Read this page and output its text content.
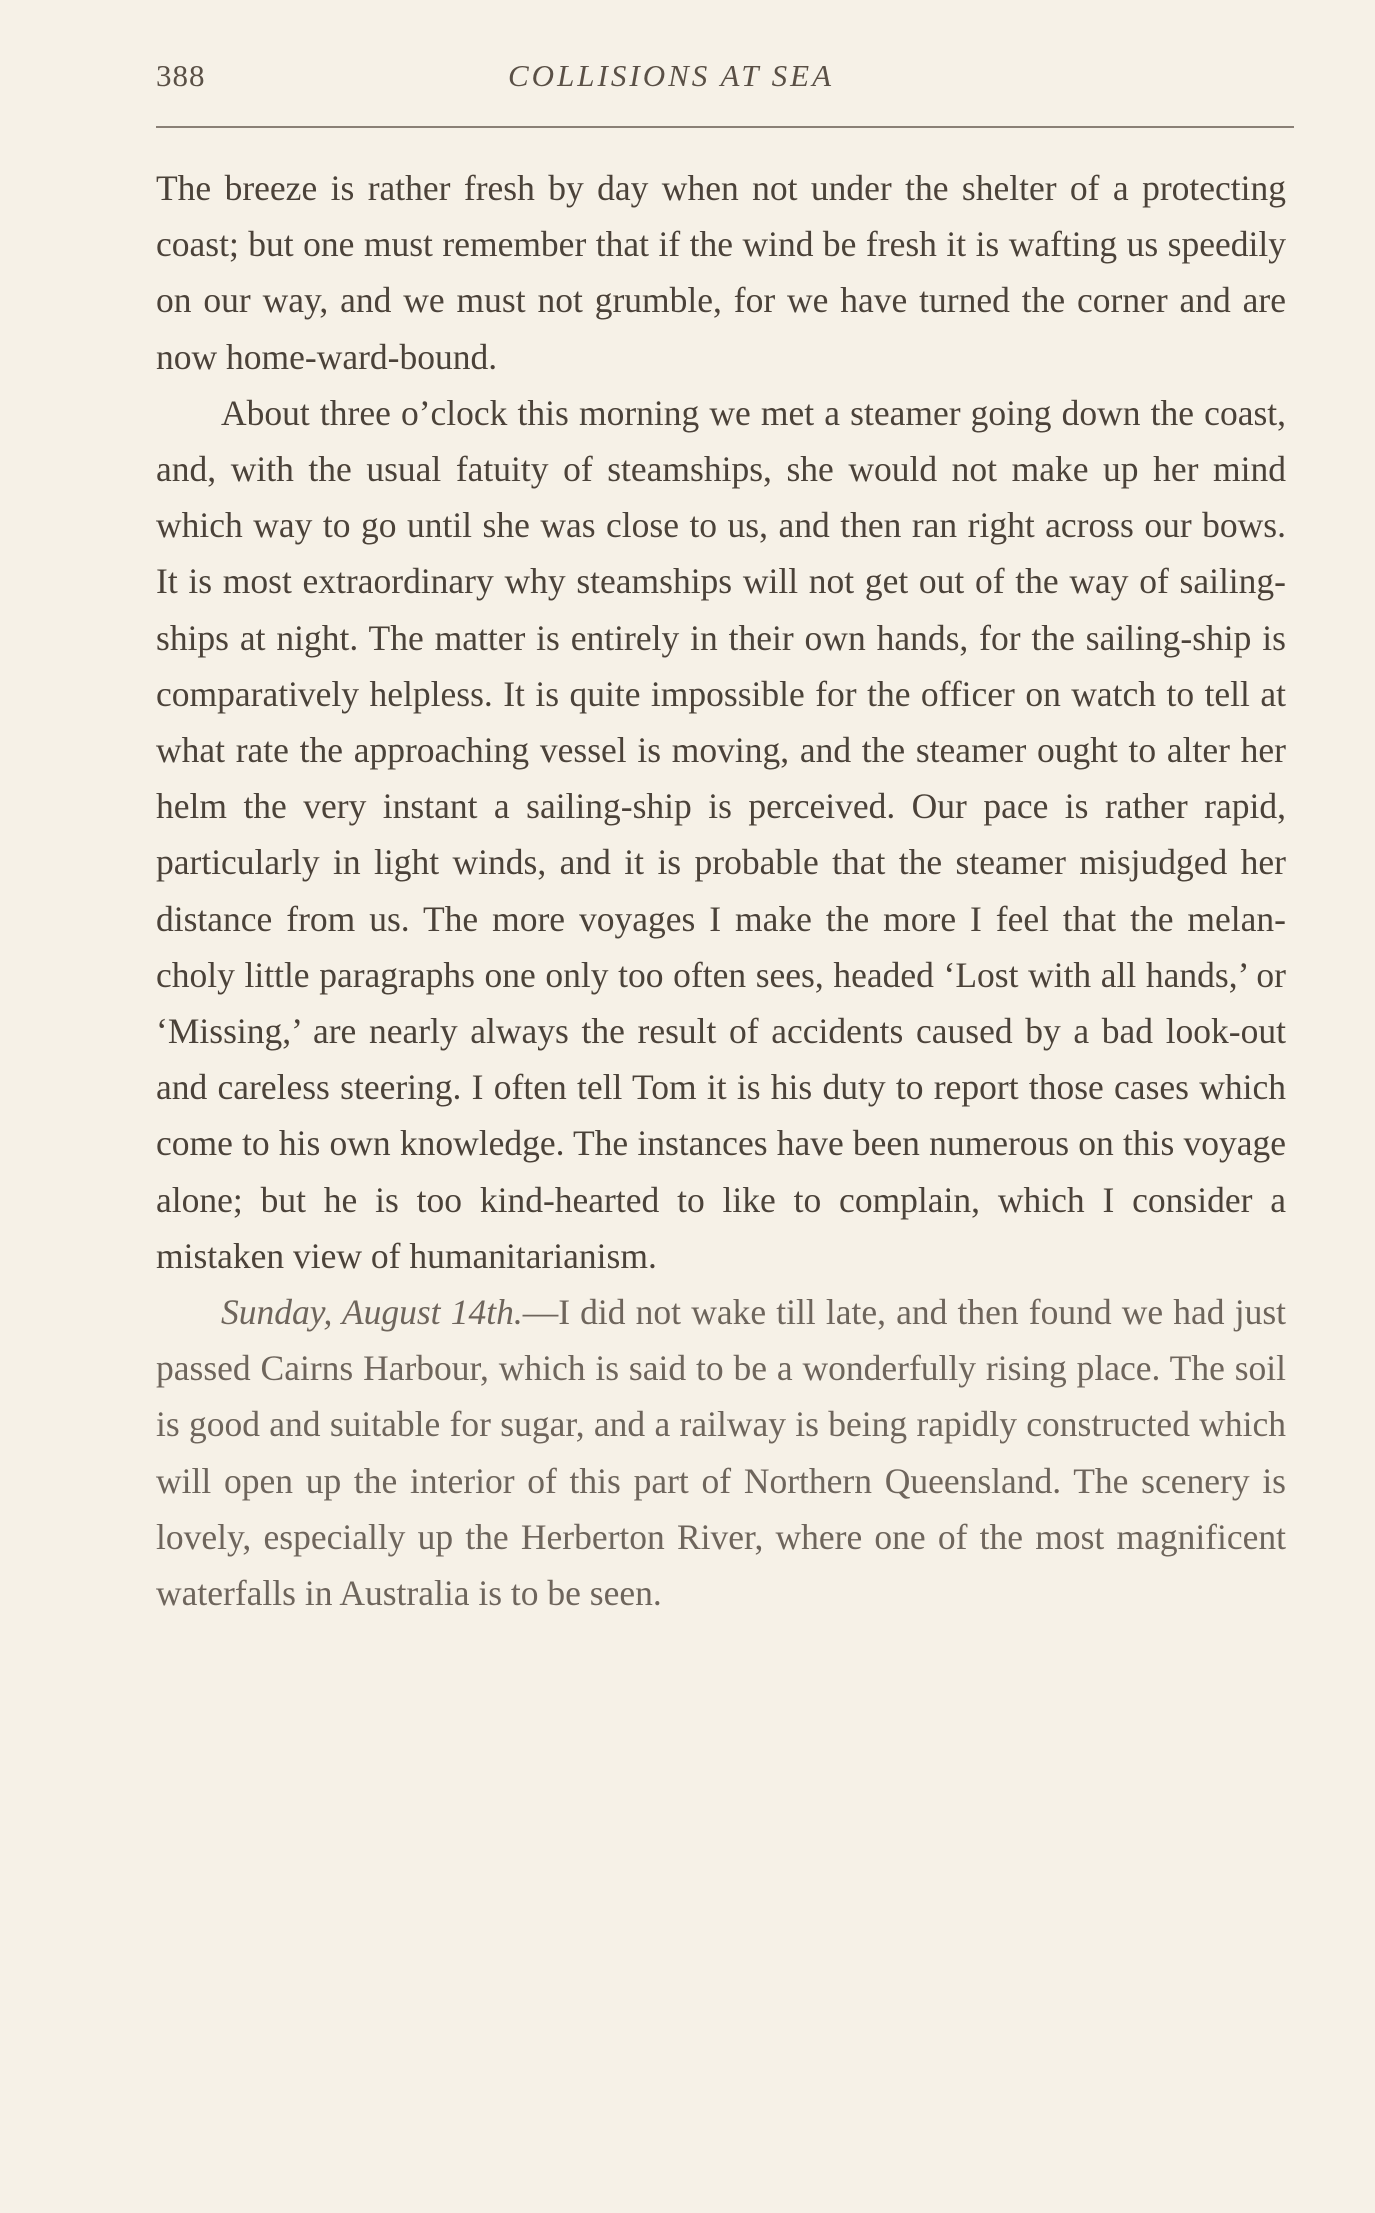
388	COLLISIONS AT SEA

The breeze is rather fresh by day when not under the shelter of a protecting coast; but one must remember that if the wind be fresh it is wafting us speedily on our way, and we must not grumble, for we have turned the corner and are now home-ward-bound.

About three o’clock this morning we met a steamer going down the coast, and, with the usual fatuity of steamships, she would not make up her mind which way to go until she was close to us, and then ran right across our bows. It is most extraordinary why steamships will not get out of the way of sailing-ships at night. The matter is entirely in their own hands, for the sailing-ship is comparatively helpless. It is quite impossible for the officer on watch to tell at what rate the approaching vessel is moving, and the steamer ought to alter her helm the very instant a sailing-ship is perceived. Our pace is rather rapid, particularly in light winds, and it is probable that the steamer misjudged her distance from us. The more voyages I make the more I feel that the melan-choly little paragraphs one only too often sees, headed ‘Lost with all hands,’ or ‘Missing,’ are nearly always the result of accidents caused by a bad look-out and careless steering. I often tell Tom it is his duty to report those cases which come to his own knowledge. The instances have been numerous on this voyage alone; but he is too kind-hearted to like to complain, which I consider a mistaken view of humanitarianism.

Sunday, August 14th.—I did not wake till late, and then found we had just passed Cairns Harbour, which is said to be a wonderfully rising place. The soil is good and suitable for sugar, and a railway is being rapidly constructed which will open up the interior of this part of Northern Queensland. The scenery is lovely, especially up the Herberton River, where one of the most magnificent waterfalls in Australia is to be seen.
